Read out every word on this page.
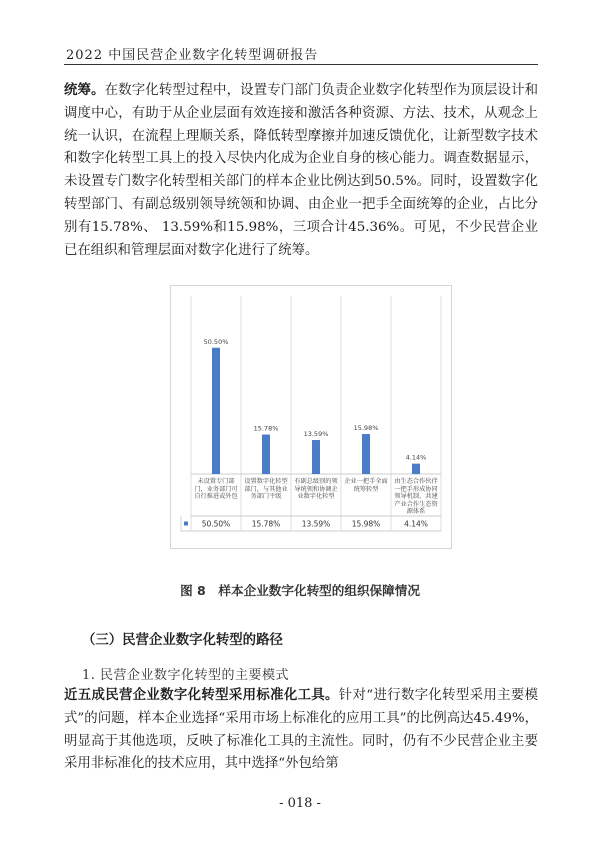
2022 中国民营企业数字化转型调研报告

统筹。在数字化转型过程中，设置专门部门负责企业数字化转型作为顶层设计和调度中心，有助于从企业层面有效连接和激活各种资源、方法、技术，从观念上统一认识，在流程上理顺关系，降低转型摩擦并加速反馈优化，让新型数字技术和数字化转型工具上的投入尽快内化成为企业自身的核心能力。调查数据显示，未设置专门数字化转型相关部门的样本企业比例达到50.5%。同时，设置数字化转型部门、有副总级别领导统领和协调、由企业一把手全面统筹的企业，占比分别有15.78%、 13.59%和15.98%，三项合计45.36%。可见，不少民营企业已在组织和管理层面对数字化进行了统筹。

50.50%
50.50%
15.78%
15.78%
13.59%
13.59%
15.98%
15.98%
4.14%
4.14%
未设置专门部门，业务部门可自行推进或外包
设置数字化转型部门，与其他业务部门平级
有副总级别的领导统领和协调企业数字化转型
企业一把手全面统筹转型
由生态合作伙伴一把手形成协同领导机制，共建产业合作生态资源体系
图 8　样本企业数字化转型的组织保障情况
（三）民营企业数字化转型的路径
1. 民营企业数字化转型的主要模式

近五成民营企业数字化转型采用标准化工具。针对“进行数字化转型采用主要模式”的问题，样本企业选择“采用市场上标准化的应用工具”的比例高达45.49%，明显高于其他选项，反映了标准化工具的主流性。同时，仍有不少民营企业主要采用非标准化的技术应用，其中选择“外包给第

- 018 -
